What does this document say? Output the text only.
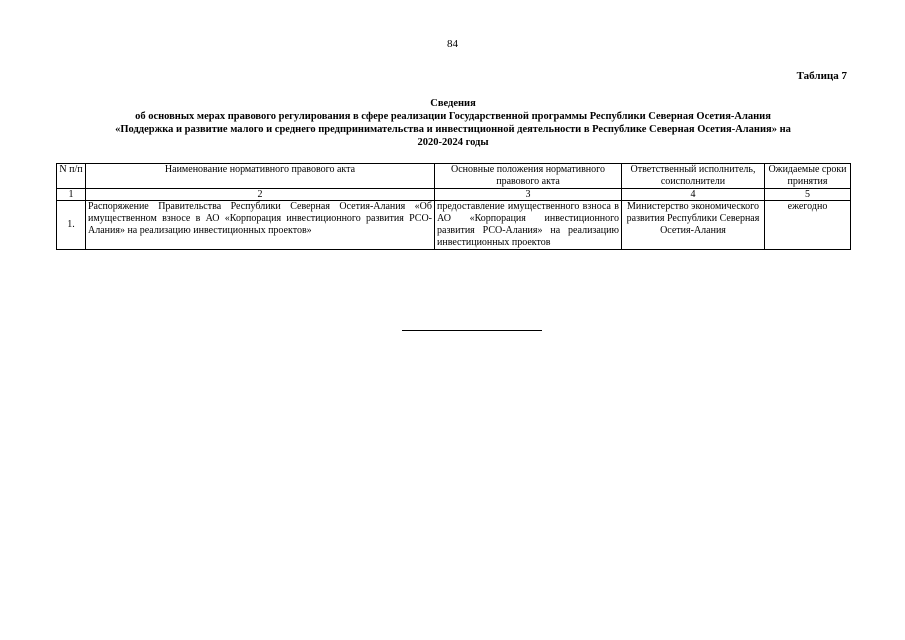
84
Таблица 7
Сведения
об основных мерах правового регулирования в сфере реализации Государственной программы Республики Северная Осетия-Алания
«Поддержка и развитие малого и среднего предпринимательства и инвестиционной деятельности в Республике Северная Осетия-Алания» на
2020-2024 годы
N п/п	Наименование нормативного правового акта	Основные положения нормативного правового акта	Ответственный исполнитель, соисполнители	Ожидаемые сроки принятия
1	2	3	4	5
1.	Распоряжение Правительства Республики Северная Осетия-Алания «Об имущественном взносе в АО «Корпорация инвестиционного развития РСО-Алания» на реализацию инвестиционных проектов»	предоставление имущественного взноса в АО «Корпорация инвестиционного развития РСО-Алания» на реализацию инвестиционных проектов	Министерство экономического развития Республики Северная Осетия-Алания	ежегодно
